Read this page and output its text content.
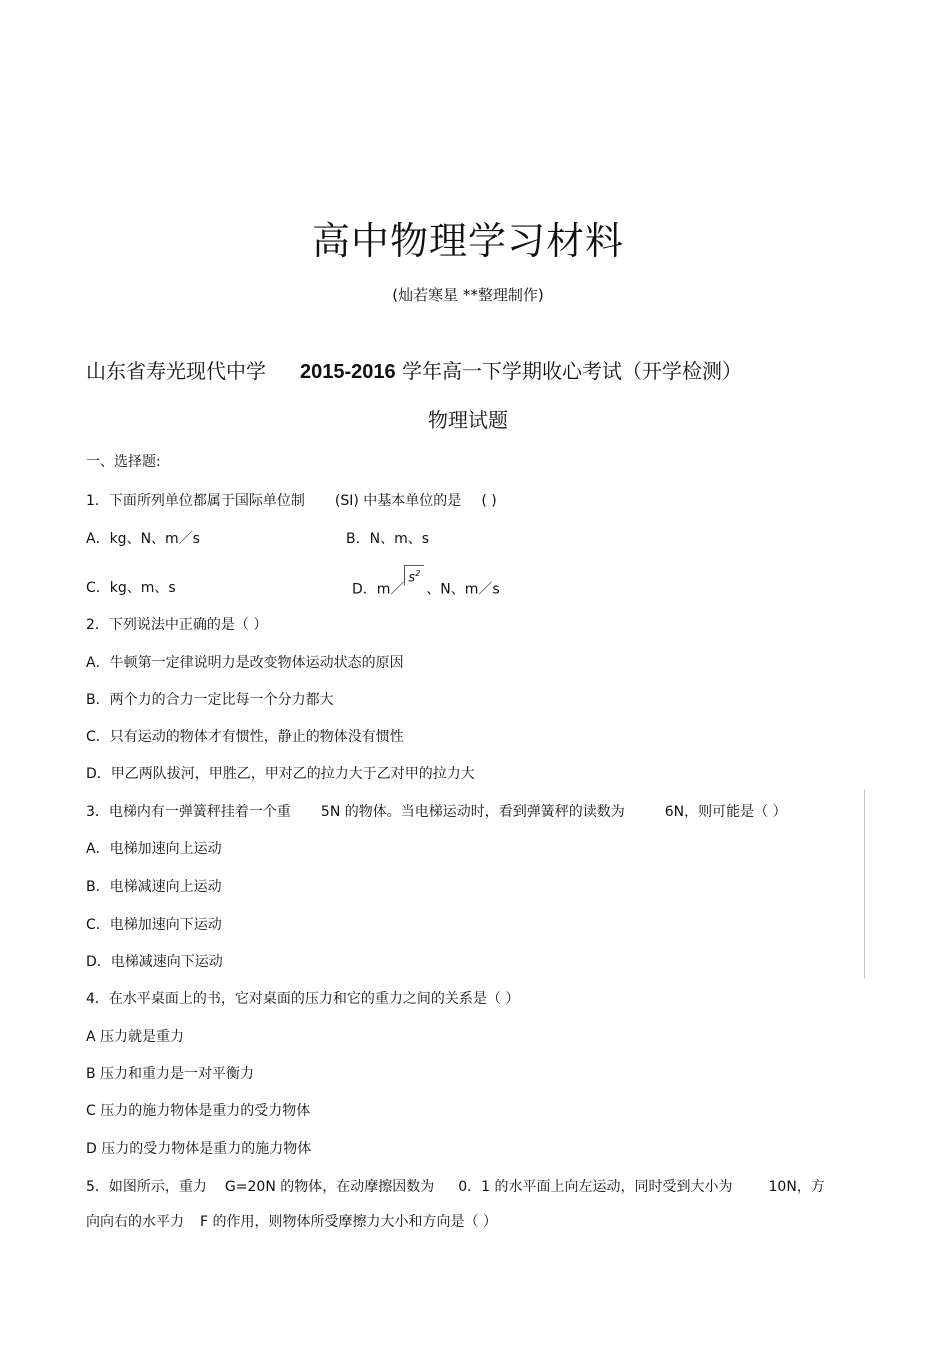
高中物理学习材料
(灿若寒星 **整理制作)
山东省寿光现代中学 2015-2016 学年高一下学期收心考试（开学检测）
物理试题
一、选择题:
1．下面所列单位都属于国际单位制 (SI) 中基本单位的是 ( )
A．kg、N、m／s	B．N、m、s
C．kg、m、s	D．$m/s^2$、N、m／s
2．下列说法中正确的是（ ）
A．牛顿第一定律说明力是改变物体运动状态的原因
B．两个力的合力一定比每一个分力都大
C．只有运动的物体才有惯性，静止的物体没有惯性
D．甲乙两队拔河，甲胜乙，甲对乙的拉力大于乙对甲的拉力大
3．电梯内有一弹簧秤挂着一个重 5N 的物体。当电梯运动时，看到弹簧秤的读数为	6N，则可能是（ ）
A．电梯加速向上运动
B．电梯减速向上运动
C．电梯加速向下运动
D．电梯减速向下运动
4．在水平桌面上的书，它对桌面的压力和它的重力之间的关系是（ ）
A 压力就是重力
B 压力和重力是一对平衡力
C 压力的施力物体是重力的受力物体
D 压力的受力物体是重力的施力物体
5．如图所示，重力 G=20N 的物体，在动摩擦因数为 0．1 的水平面上向左运动，同时受到大小为	10N，方
向向右的水平力 F 的作用，则物体所受摩擦力大小和方向是（ ）
